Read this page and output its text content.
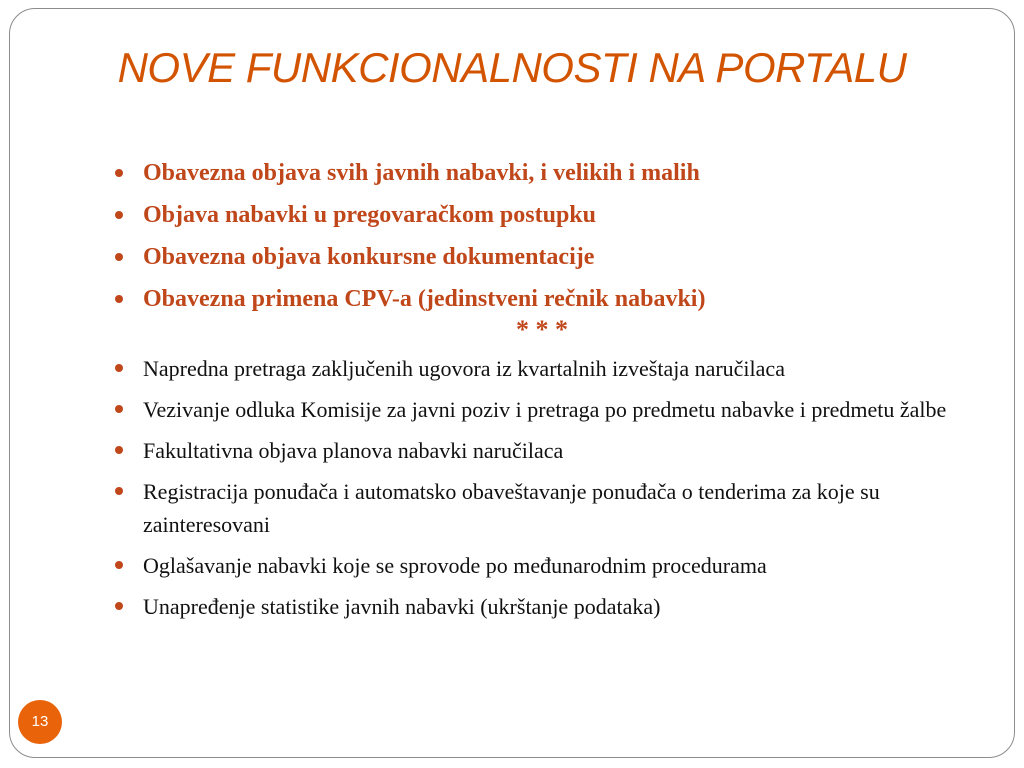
NOVE FUNKCIONALNOSTI NA PORTALU
Obavezna objava svih javnih nabavki, i velikih i malih
Objava nabavki u pregovaračkom postupku
Obavezna objava konkursne dokumentacije
Obavezna primena CPV-a (jedinstveni rečnik nabavki)
* * *
Napredna pretraga zaključenih ugovora iz kvartalnih izveštaja naručilaca
Vezivanje odluka Komisije za javni poziv i pretraga po predmetu nabavke i predmetu žalbe
Fakultativna objava planova nabavki naručilaca
Registracija ponuđača i automatsko obaveštavanje ponuđača o tenderima za koje su zainteresovani
Oglašavanje nabavki koje se sprovode po međunarodnim procedurama
Unapređenje statistike javnih nabavki (ukrštanje podataka)
13
